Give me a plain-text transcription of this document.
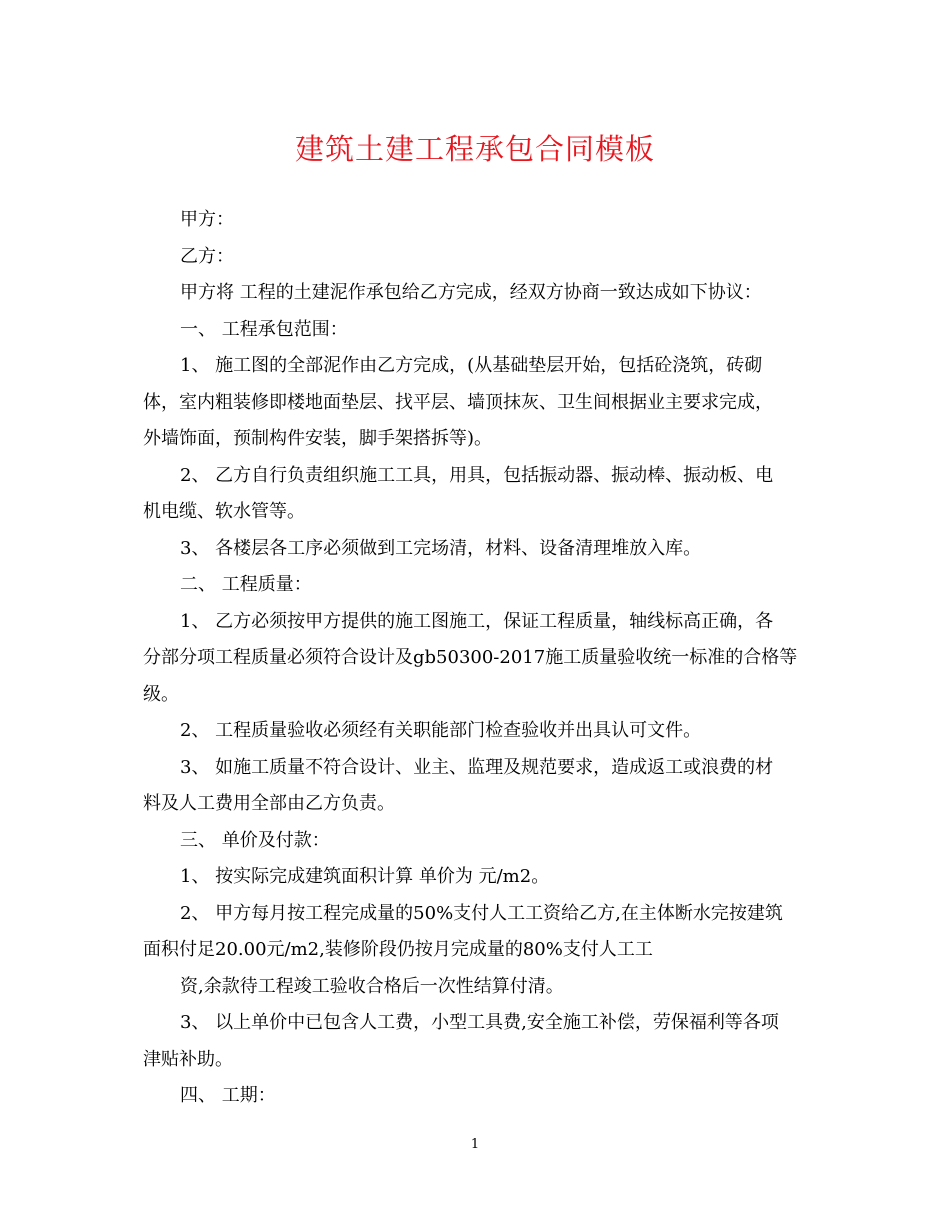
建筑土建工程承包合同模板

甲方：

乙方：

甲方将 工程的土建泥作承包给乙方完成，经双方协商一致达成如下协议：

一、 工程承包范围：

1、 施工图的全部泥作由乙方完成，(从基础垫层开始，包括砼浇筑，砖砌

体，室内粗装修即楼地面垫层、找平层、墙顶抹灰、卫生间根据业主要求完成，

外墙饰面，预制构件安装，脚手架搭拆等)。

2、 乙方自行负责组织施工工具，用具，包括振动器、振动棒、振动板、电

机电缆、软水管等。

3、 各楼层各工序必须做到工完场清，材料、设备清理堆放入库。

二、 工程质量：

1、 乙方必须按甲方提供的施工图施工，保证工程质量，轴线标高正确，各

分部分项工程质量必须符合设计及gb50300-2017施工质量验收统一标准的合格等

级。

2、 工程质量验收必须经有关职能部门检查验收并出具认可文件。

3、 如施工质量不符合设计、业主、监理及规范要求，造成返工或浪费的材

料及人工费用全部由乙方负责。

三、 单价及付款：

1、 按实际完成建筑面积计算 单价为 元/m2。

2、 甲方每月按工程完成量的50%支付人工工资给乙方,在主体断水完按建筑

面积付足20.00元/m2,装修阶段仍按月完成量的80%支付人工工

资,余款待工程竣工验收合格后一次性结算付清。

3、 以上单价中已包含人工费，小型工具费,安全施工补偿，劳保福利等各项

津贴补助。

四、 工期：

1
